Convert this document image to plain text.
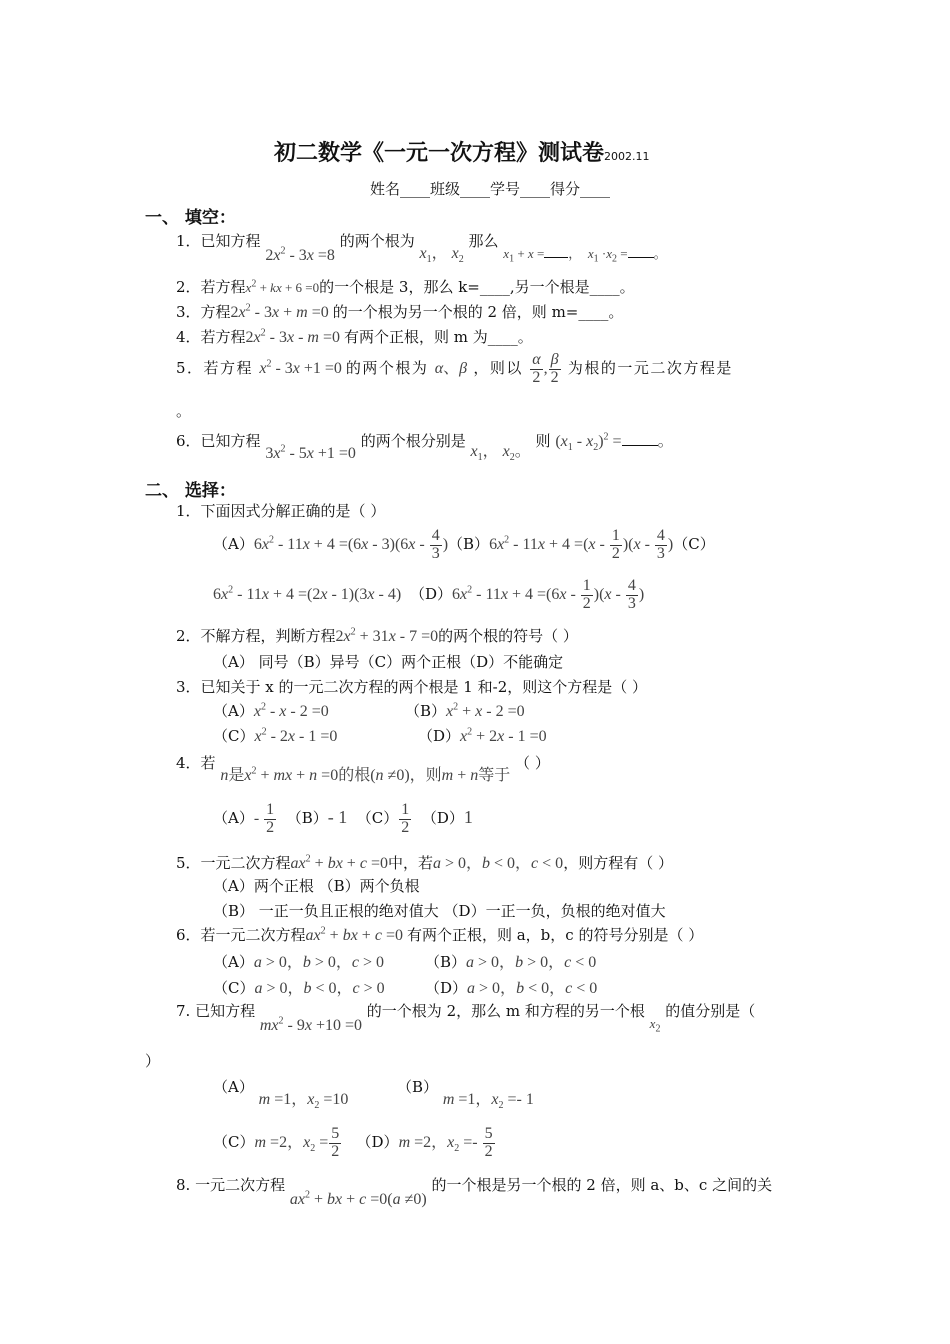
初二数学《一元一次方程》测试卷2002.11
姓名____班级____学号____得分____
一、 填空：
1．已知方程 $2x^2 - 3x =8$ 的两个根为 $x_1$， $x_2$ 那么 $x_1 + x$ = ，  $x_1 \cdot x_2$ = 。
2．若方程$x^2$ + kx + 6 =0的一个根是 3，那么 k=____,另一个根是____。
3．方程$2x^2 - 3x + m =0$ 的一个根为另一个根的 2 倍，则 m=____。
4．若方程$2x^2 - 3x - m =0$ 有两个正根，则 m 为____。
5．若方程 $x^2 - 3x +1 =0$ 的两个根为 α、β ，则以 $\frac{\alpha}{2}$ , $\frac{\beta}{2}$ 为根的一元二次方程是
。
6．已知方程 $3x^2 - 5x +1 =0$ 的两个根分别是 $x_1$， $x_2$。 则 $(x_1 - x_2)^2$ = 。
二、 选择：
1．下面因式分解正确的是（ ）
$(A)6x^2 - 11x + 4 =(6x - 3)(6x - \frac{4}{3} )(B)6x^2 - 11x + 4 =(x - \frac{1}{2} )(x - \frac{4}{3} )(C)$
$6x^2 - 11x + 4 =(2x - 1)(3x - 4)$  $(D)6x^2 - 11x + 4 =(6x - \frac{1}{2} )(x - \frac{4}{3}$ )
2．不解方程，判断方程$2x^2 + 31x - 7 =0$的两个根的符号（ ）
（A） 同号（B）异号（C）两个正根（D）不能确定
3．已知关于 x 的一元二次方程的两个根是 1 和-2，则这个方程是（ ）
$(A)x^2 - x - 2 =0$	$(B)x^2 + x - 2 =0$
$(C)x^2 - 2x - 1 =0$	$(D)x^2 + 2x - 1 =0$
4．若 n是$x^2$ + mx + n =0的根(n ≠0)，则m + n等于 （ ）
$(A)- \frac{1}{2} (B)-$ 1 $(C) \frac{1}{2} (D)1$
5．一元二次方程$ax^2$ + bx + c =0中，若a > 0，b < 0，c < 0，则方程有（ ）
（A）两个正根 （B）两个负根
（B） 一正一负且正根的绝对值大 （D）一正一负，负根的绝对值大
6．若一元二次方程$ax^2$ + bx + c =0 有两个正根，则 a，b，c 的符号分别是（ ）
（A）a > 0，b > 0，c > 0	（B）a > 0，b > 0，c < 0
（C）a > 0，b < 0，c > 0	（D）a > 0，b < 0，c < 0
7. 已知方程 $mx^2 - 9x +10 =0$ 的一个根为 2，那么 m 和方程的另一个根 $x_2$ 的值分别是（
）
（A） m =1，$x_2 =10$
（B） m =1，$x_2 =- 1$
（C）m =2，$x_2 = \frac{5}{2} (D)m =2$，$x_2 =- \frac{5}{2}$
8. 一元二次方程 $ax^2$ + bx + c =0(a ≠0) 的一个根是另一个根的 2 倍，则 a、b、c 之间的关
